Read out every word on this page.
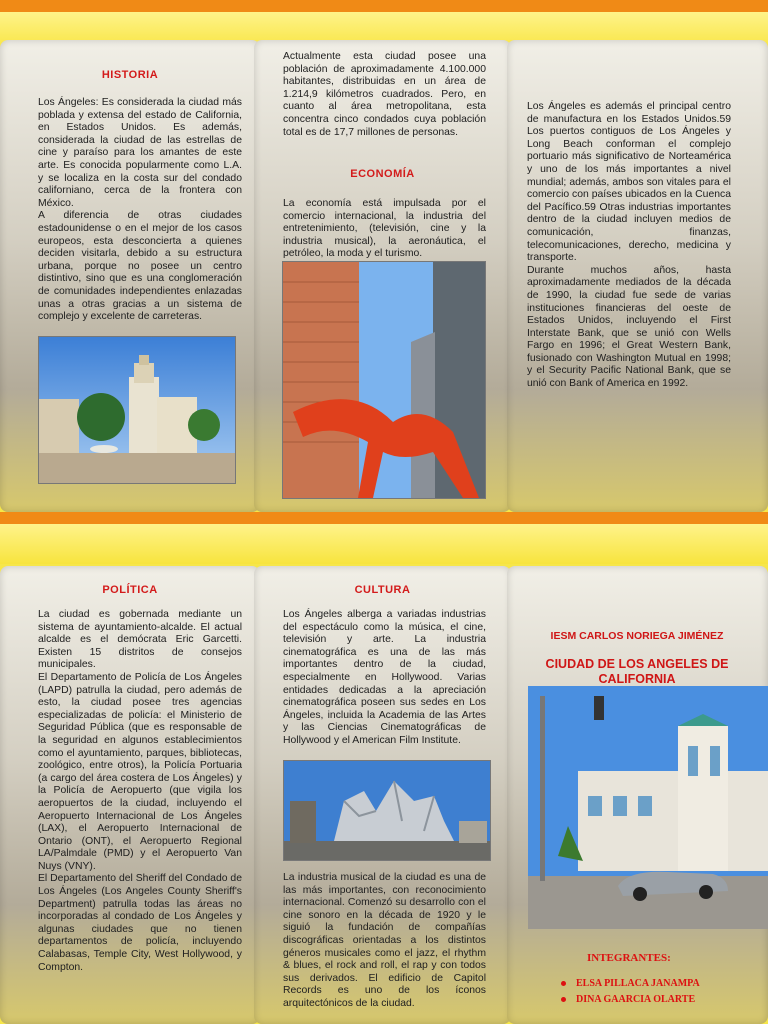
HISTORIA
Los Ángeles: Es considerada la ciudad más poblada y extensa del estado de California, en Estados Unidos. Es además, considerada la ciudad de las estrellas de cine y paraíso para los amantes de este arte. Es conocida popularmente como L.A. y se localiza en la costa sur del condado californiano, cerca de la frontera con México.
A diferencia de otras ciudades estadounidense o en el mejor de los casos europeos, esta desconcierta a quienes deciden visitarla, debido a su estructura urbana, porque no posee un centro distintivo, sino que es una conglomeración de comunidades independientes enlazadas unas a otras gracias a un sistema de complejo y excelente de carreteras.
Actualmente esta ciudad posee una población de aproximadamente 4.100.000 habitantes, distribuidas en un área de 1.214,9 kilómetros cuadrados. Pero, en cuanto al área metropolitana, esta concentra cinco condados cuya población total es de 17,7 millones de personas.
ECONOMÍA
La economía está impulsada por el comercio internacional, la industria del entretenimiento, (televisión, cine y la industria musical), la aeronáutica, el petróleo, la moda y el turismo.
Los Ángeles es además el principal centro de manufactura en los Estados Unidos.59 Los puertos contiguos de Los Ángeles y Long Beach conforman el complejo portuario más significativo de Norteamérica y uno de los más importantes a nivel mundial; además, ambos son vitales para el comercio con países ubicados en la Cuenca del Pacífico.59 Otras industrias importantes dentro de la ciudad incluyen medios de comunicación, finanzas, telecomunicaciones, derecho, medicina y transporte.
Durante muchos años, hasta aproximadamente mediados de la década de 1990, la ciudad fue sede de varias instituciones financieras del oeste de Estados Unidos, incluyendo el First Interstate Bank, que se unió con Wells Fargo en 1996; el Great Western Bank, fusionado con Washington Mutual en 1998; y el Security Pacific National Bank, que se unió con Bank of America en 1992.
POLÍTICA
La ciudad es gobernada mediante un sistema de ayuntamiento-alcalde. El actual alcalde es el demócrata Eric Garcetti. Existen 15 distritos de consejos municipales.
El Departamento de Policía de Los Ángeles (LAPD) patrulla la ciudad, pero además de esto, la ciudad posee tres agencias especializadas de policía: el Ministerio de Seguridad Pública (que es responsable de la seguridad en algunos establecimientos como el ayuntamiento, parques, bibliotecas, zoológico, entre otros), la Policía Portuaria (a cargo del área costera de Los Ángeles) y la Policía de Aeropuerto (que vigila los aeropuertos de la ciudad, incluyendo el Aeropuerto Internacional de Los Ángeles (LAX), el Aeropuerto Internacional de Ontario (ONT), el Aeropuerto Regional LA/Palmdale (PMD) y el Aeropuerto Van Nuys (VNY).
El Departamento del Sheriff del Condado de Los Ángeles (Los Angeles County Sheriff's Department) patrulla todas las áreas no incorporadas al condado de Los Ángeles y algunas ciudades que no tienen departamentos de policía, incluyendo Calabasas, Temple City, West Hollywood, y Compton.
CULTURA
Los Ángeles alberga a variadas industrias del espectáculo como la música, el cine, televisión y arte. La industria cinematográfica es una de las más importantes dentro de la ciudad, especialmente en Hollywood. Varias entidades dedicadas a la apreciación cinematográfica poseen sus sedes en Los Ángeles, incluida la Academia de las Artes y las Ciencias Cinematográficas de Hollywood y el American Film Institute.
La industria musical de la ciudad es una de las más importantes, con reconocimiento internacional. Comenzó su desarrollo con el cine sonoro en la década de 1920 y le siguió la fundación de compañías discográficas orientadas a los distintos géneros musicales como el jazz, el rhythm & blues, el rock and roll, el rap y con todos sus derivados. El edificio de Capitol Records es uno de los íconos arquitectónicos de la ciudad.
IESM CARLOS NORIEGA JIMÉNEZ
CIUDAD DE LOS ANGELES DE CALIFORNIA
INTEGRANTES:
ELSA PILLACA JANAMPA
DINA GAARCIA OLARTE
